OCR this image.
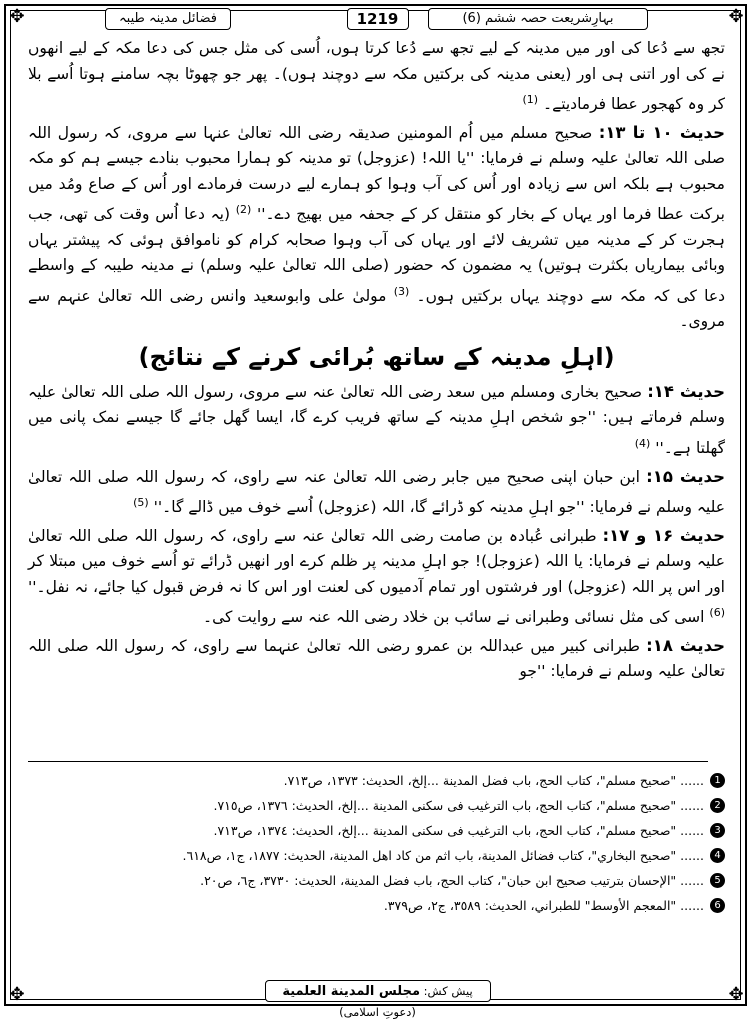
✥	✥
✥	✥
بہارِشریعت حصہ ششم (6)
1219
فضائل مدینہ طیبہ

تجھ سے دُعا کی اور میں مدینہ کے لیے تجھ سے دُعا کرتا ہوں، اُسی کی مثل جس کی دعا مکہ کے لیے انھوں نے کی اور اتنی ہی اور (یعنی مدینہ کی برکتیں مکہ سے دوچند ہوں)۔ پھر جو چھوٹا بچہ سامنے ہوتا اُسے بلا کر وہ کھجور عطا فرمادیتے۔ $^{(1)}$

حدیث ۱۰ تا ۱۳: صحیح مسلم میں اُم المومنین صدیقہ رضی اللہ تعالیٰ عنہا سے مروی، کہ رسول اللہ صلی اللہ تعالیٰ علیہ وسلم نے فرمایا: ''یا اللہ! (عزوجل) تو مدینہ کو ہمارا محبوب بنادے جیسے ہم کو مکہ محبوب ہے بلکہ اس سے زیادہ اور اُس کی آب وہوا کو ہمارے لیے درست فرمادے اور اُس کے صاع ومُد میں برکت عطا فرما اور یہاں کے بخار کو منتقل کر کے جحفہ میں بھیج دے۔'' $^{(2)}$ (یہ دعا اُس وقت کی تھی، جب ہجرت کر کے مدینہ میں تشریف لائے اور یہاں کی آب وہوا صحابہ کرام کو ناموافق ہوئی کہ پیشتر یہاں وبائی بیماریاں بکثرت ہوتیں) یہ مضمون کہ حضور (صلی اللہ تعالیٰ علیہ وسلم) نے مدینہ طیبہ کے واسطے دعا کی کہ مکہ سے دوچند یہاں برکتیں ہوں۔ $^{(3)}$ مولیٰ علی وابوسعید وانس رضی اللہ تعالیٰ عنہم سے مروی۔

(اہلِ مدینہ کے ساتھ بُرائی کرنے کے نتائج)

حدیث ۱۴: صحیح بخاری ومسلم میں سعد رضی اللہ تعالیٰ عنہ سے مروی، رسول اللہ صلی اللہ تعالیٰ علیہ وسلم فرماتے ہیں: ''جو شخص اہلِ مدینہ کے ساتھ فریب کرے گا، ایسا گھل جائے گا جیسے نمک پانی میں گھلتا ہے۔'' $^{(4)}$

حدیث ۱۵: ابن حبان اپنی صحیح میں جابر رضی اللہ تعالیٰ عنہ سے راوی، کہ رسول اللہ صلی اللہ تعالیٰ علیہ وسلم نے فرمایا: ''جو اہلِ مدینہ کو ڈرائے گا، اللہ (عزوجل) اُسے خوف میں ڈالے گا۔'' $^{(5)}$

حدیث ۱۶ و ۱۷: طبرانی عُبادہ بن صامت رضی اللہ تعالیٰ عنہ سے راوی، کہ رسول اللہ صلی اللہ تعالیٰ علیہ وسلم نے فرمایا: یا اللہ (عزوجل)! جو اہلِ مدینہ پر ظلم کرے اور انھیں ڈرائے تو اُسے خوف میں مبتلا کر اور اس پر اللہ (عزوجل) اور فرشتوں اور تمام آدمیوں کی لعنت اور اس کا نہ فرض قبول کیا جائے، نہ نفل۔'' $^{(6)}$ اسی کی مثل نسائی وطبرانی نے سائب بن خلاد رضی اللہ عنہ سے روایت کی۔

حدیث ۱۸: طبرانی کبیر میں عبداللہ بن عمرو رضی اللہ تعالیٰ عنہما سے راوی، کہ رسول اللہ صلی اللہ تعالیٰ علیہ وسلم نے فرمایا: ''جو

1
...... "صحيح مسلم"، كتاب الحج، باب فضل المدينة ...إلخ، الحديث: ١٣٧٣، ص٧١٣.
2
...... "صحيح مسلم"، كتاب الحج، باب الترغيب فى سكنى المدينة ...إلخ، الحديث: ١٣٧٦، ص٧١٥.
3
...... "صحيح مسلم"، كتاب الحج، باب الترغيب فى سكنى المدينة ...إلخ، الحديث: ١٣٧٤، ص٧١٣.
4
...... "صحيح البخاري"، كتاب فضائل المدينة، باب اثم من كاد اهل المدينة، الحديث: ١٨٧٧، ج١، ص٦١٨.
5
...... "الإحسان بترتيب صحيح ابن حبان"، كتاب الحج، باب فضل المدينة، الحديث: ٣٧٣٠، ج٦، ص٢٠.
6
...... "المعجم الأوسط" للطبراني، الحديث: ٣٥٨٩، ج٢، ص٣٧٩.
پیش کش: مجلس المدينة العلمية (دعوتِ اسلامی)
